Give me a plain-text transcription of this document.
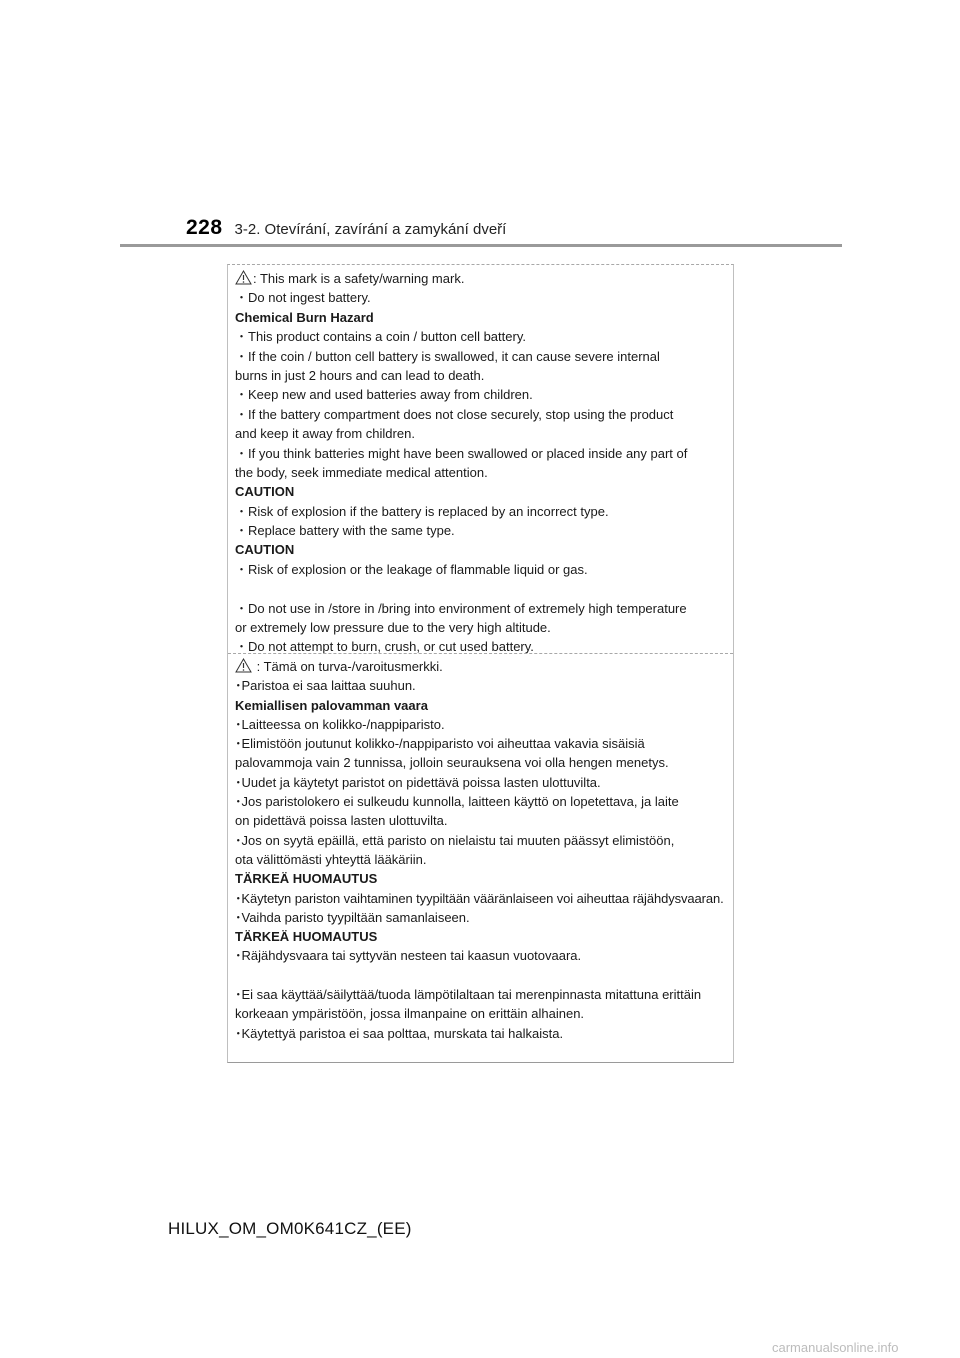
228 3-2. Otevírání, zavírání a zamykání dveří
: This mark is a safety/warning mark.
・Do not ingest battery.
Chemical Burn Hazard
・This product contains a coin / button cell battery.
・If the coin / button cell battery is swallowed, it can cause severe internal
burns in just 2 hours and can lead to death.
・Keep new and used batteries away from children.
・If the battery compartment does not close securely, stop using the product
and keep it away from children.
・If you think batteries might have been swallowed or placed inside any part of
the body, seek immediate medical attention.
CAUTION
・Risk of explosion if the battery is replaced by an incorrect type.
・Replace battery with the same type.
CAUTION
・Risk of explosion or the leakage of flammable liquid or gas.
・Do not use in /store in /bring into environment of extremely high temperature
or extremely low pressure due to the very high altitude.
・Do not attempt to burn, crush, or cut used battery.
: Tämä on turva-/varoitusmerkki.
･Paristoa ei saa laittaa suuhun.
Kemiallisen palovamman vaara
･Laitteessa on kolikko-/nappiparisto.
･Elimistöön joutunut kolikko-/nappiparisto voi aiheuttaa vakavia sisäisiä
palovammoja vain 2 tunnissa, jolloin seurauksena voi olla hengen menetys.
･Uudet ja käytetyt paristot on pidettävä poissa lasten ulottuvilta.
･Jos paristolokero ei sulkeudu kunnolla, laitteen käyttö on lopetettava, ja laite
on pidettävä poissa lasten ulottuvilta.
･Jos on syytä epäillä, että paristo on nielaistu tai muuten päässyt elimistöön,
ota välittömästi yhteyttä lääkäriin.
TÄRKEÄ HUOMAUTUS
･Käytetyn pariston vaihtaminen tyypiltään vääränlaiseen voi aiheuttaa räjähdysvaaran.
･Vaihda paristo tyypiltään samanlaiseen.
TÄRKEÄ HUOMAUTUS
･Räjähdysvaara tai syttyvän nesteen tai kaasun vuotovaara.
･Ei saa käyttää/säilyttää/tuoda lämpötilaltaan tai merenpinnasta mitattuna erittäin
korkeaan ympäristöön, jossa ilmanpaine on erittäin alhainen.
･Käytettyä paristoa ei saa polttaa, murskata tai halkaista.
HILUX_OM_OM0K641CZ_(EE)
carmanualsonline.info
